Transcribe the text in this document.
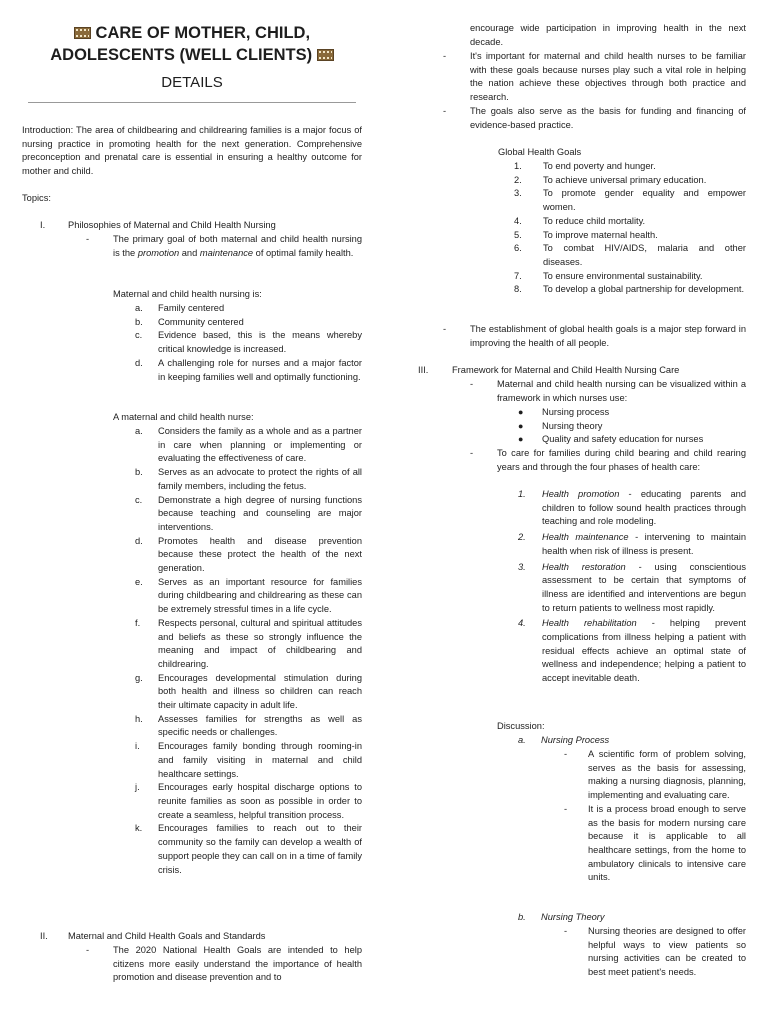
CARE OF MOTHER, CHILD,
ADOLESCENTS (WELL CLIENTS)
DETAILS
Introduction: The area of childbearing and childrearing families is a major focus of nursing practice in promoting health for the next generation. Comprehensive preconception and prenatal care is essential in ensuring a healthy outcome for mother and child.
Topics:
I.	Philosophies of Maternal and Child Health Nursing
-	The primary goal of both maternal and child health nursing is the promotion and maintenance of optimal family health.
Maternal and child health nursing is:
a.	Family centered
b.	Community centered
c.	Evidence based, this is the means whereby critical knowledge is increased.
d.	A challenging role for nurses and a major factor in keeping families well and optimally functioning.
A maternal and child health nurse:
a.	Considers the family as a whole and as a partner in care when planning or implementing or evaluating the effectiveness of care.
b.	Serves as an advocate to protect the rights of all family members, including the fetus.
c.	Demonstrate a high degree of nursing functions because teaching and counseling are major interventions.
d.	Promotes health and disease prevention because these protect the health of the next generation.
e.	Serves as an important resource for families during childbearing and childrearing as these can be extremely stressful times in a life cycle.
f.	Respects personal, cultural and spiritual attitudes and beliefs as these so strongly influence the meaning and impact of childbearing and childrearing.
g.	Encourages developmental stimulation during both health and illness so children can reach their ultimate capacity in adult life.
h.	Assesses families for strengths as well as specific needs or challenges.
i.	Encourages family bonding through rooming-in and family visiting in maternal and child healthcare settings.
j.	Encourages early hospital discharge options to reunite families as soon as possible in order to create a seamless, helpful transition process.
k.	Encourages families to reach out to their community so the family can develop a wealth of support people they can call on in a time of family crisis.
II.	Maternal and Child Health Goals and Standards
-	The 2020 National Health Goals are intended to help citizens more easily understand the importance of health promotion and disease prevention and to
encourage wide participation in improving health in the next decade.
-	It's important for maternal and child health nurses to be familiar with these goals because nurses play such a vital role in helping the nation achieve these objectives through both practice and research.
-	The goals also serve as the basis for funding and financing of evidence-based practice.
Global Health Goals
1.	To end poverty and hunger.
2.	To achieve universal primary education.
3.	To promote gender equality and empower women.
4.	To reduce child mortality.
5.	To improve maternal health.
6.	To combat HIV/AIDS, malaria and other diseases.
7.	To ensure environmental sustainability.
8.	To develop a global partnership for development.
-	The establishment of global health goals is a major step forward in improving the health of all people.
III.	Framework for Maternal and Child Health Nursing Care
-	Maternal and child health nursing can be visualized within a framework in which nurses use:
●	Nursing process
●	Nursing theory
●	Quality and safety education for nurses
-	To care for families during child bearing and child rearing years and through the four phases of health care:
1.	Health promotion - educating parents and children to follow sound health practices through teaching and role modeling.
2.	Health maintenance - intervening to maintain health when risk of illness is present.
3.	Health restoration - using conscientious assessment to be certain that symptoms of illness are identified and interventions are begun to return patients to wellness most rapidly.
4.	Health rehabilitation - helping prevent complications from illness helping a patient with residual effects achieve an optimal state of wellness and independence; helping a patient to accept inevitable death.
Discussion:
a.	Nursing Process
-	A scientific form of problem solving, serves as the basis for assessing, making a nursing diagnosis, planning, implementing and evaluating care.
-	It is a process broad enough to serve as the basis for modern nursing care because it is applicable to all healthcare settings, from the home to ambulatory clinicals to intensive care units.
b.	Nursing Theory
-	Nursing theories are designed to offer helpful ways to view patients so nursing activities can be created to best meet patient's needs.
